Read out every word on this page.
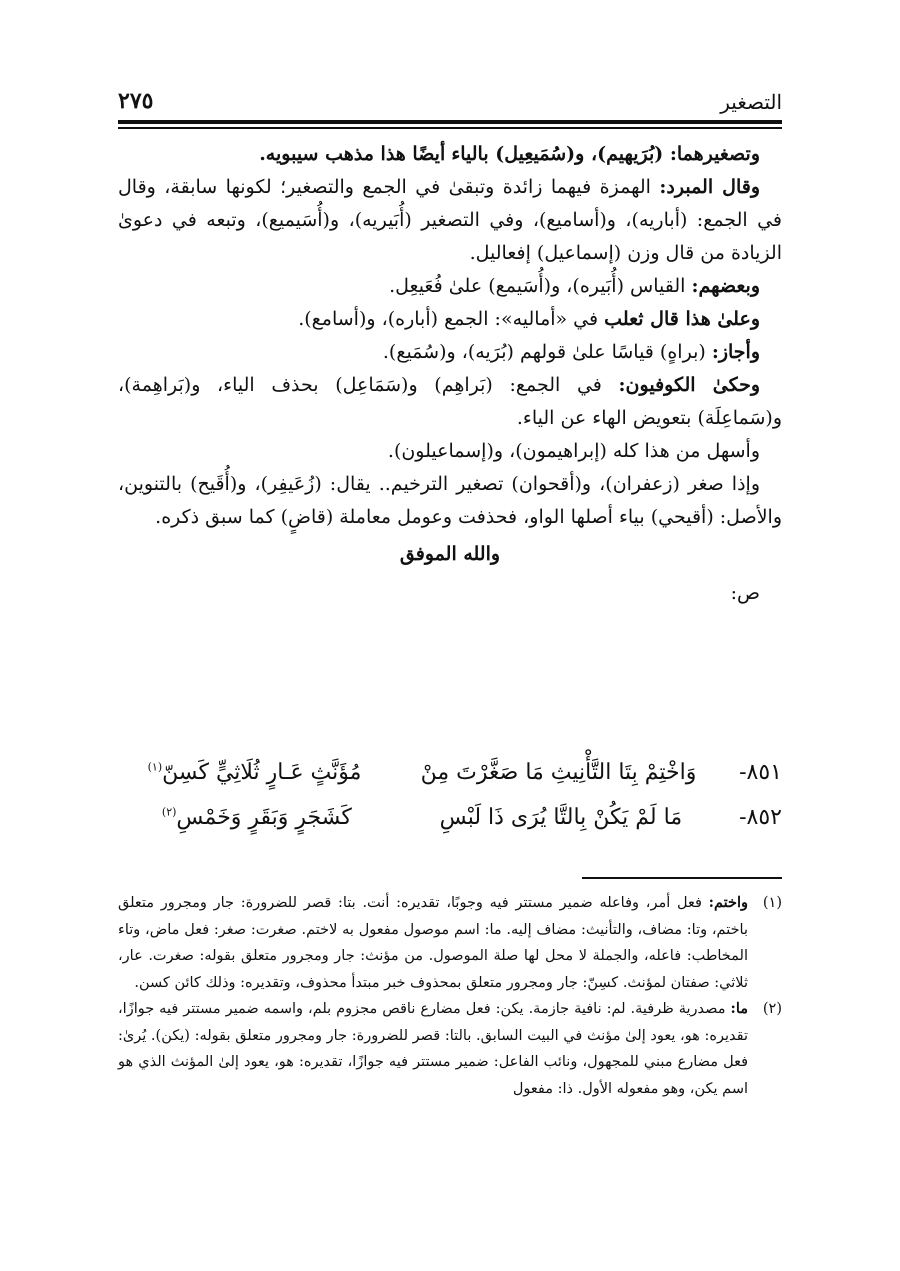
التصغير
٢٧٥

وتصغيرهما: (بُرَيهيم)، و(سُمَيعِيل) بالياء أيضًا هذا مذهب سيبويه.

وقال المبرد: الهمزة فيهما زائدة وتبقىٰ في الجمع والتصغير؛ لكونها سابقة، وقال في الجمع: (أباريه)، و(أساميع)، وفي التصغير (أُبَيريه)، و(أُسَيميع)، وتبعه في دعوىٰ الزيادة من قال وزن (إسماعيل) إفعاليل.

وبعضهم: القياس (أُبَيره)، و(أُسَيمع) علىٰ فُعَيعِل.

وعلىٰ هذا قال ثعلب في «أماليه»: الجمع (أباره)، و(أسامع).

وأجاز: (براهٍ) قياسًا علىٰ قولهم (بُرَيه)، و(سُمَيع).

وحكىٰ الكوفيون: في الجمع: (بَراهِم) و(سَمَاعِل) بحذف الياء، و(بَراهِمة)، و(سَماعِلَة) بتعويض الهاء عن الياء.

وأسهل من هذا كله (إبراهيمون)، و(إسماعيلون).

وإذا صغر (زعفران)، و(أقحوان) تصغير الترخيم.. يقال: (زُعَيفِر)، و(أُقَيح) بالتنوين، والأصل: (أقيحي) بياء أصلها الواو، فحذفت وعومل معاملة (قاضٍ) كما سبق ذكره.

والله الموفق

ص:

٨٥١-
وَاخْتِمْ بِتَا التَّأْنِيثِ مَا صَغَّرْتَ مِنْ
مُؤَنَّثٍ عَـارٍ ثُلَاثِيٍّ كَسِنّ$^{(١)}$
٨٥٢-
مَا لَمْ يَكُنْ بِالتَّا يُرَى ذَا لَبْسِ
كَشَجَرٍ وَبَقَرٍ وَخَمْسِ$^{(٢)}$
(١)
واختم: فعل أمر، وفاعله ضمير مستتر فيه وجوبًا، تقديره: أنت. بتا: قصر للضرورة: جار ومجرور متعلق باختم، وتا: مضاف، والتأنيث: مضاف إليه. ما: اسم موصول مفعول به لاختم. صغرت: صغر: فعل ماض، وتاء المخاطب: فاعله، والجملة لا محل لها صلة الموصول. من مؤنث: جار ومجرور متعلق بقوله: صغرت. عار، ثلاثي: صفتان لمؤنث. كسِنّ: جار ومجرور متعلق بمحذوف خبر مبتدأ محذوف، وتقديره: وذلك كائن كسن.
(٢)
ما: مصدرية ظرفية. لم: نافية جازمة. يكن: فعل مضارع ناقص مجزوم بلم، واسمه ضمير مستتر فيه جوازًا، تقديره: هو، يعود إلىٰ مؤنث في البيت السابق. بالتا: قصر للضرورة: جار ومجرور متعلق بقوله: (يكن). يُرىٰ: فعل مضارع مبني للمجهول، ونائب الفاعل: ضمير مستتر فيه جوازًا، تقديره: هو، يعود إلىٰ المؤنث الذي هو اسم يكن، وهو مفعوله الأول. ذا: مفعول
